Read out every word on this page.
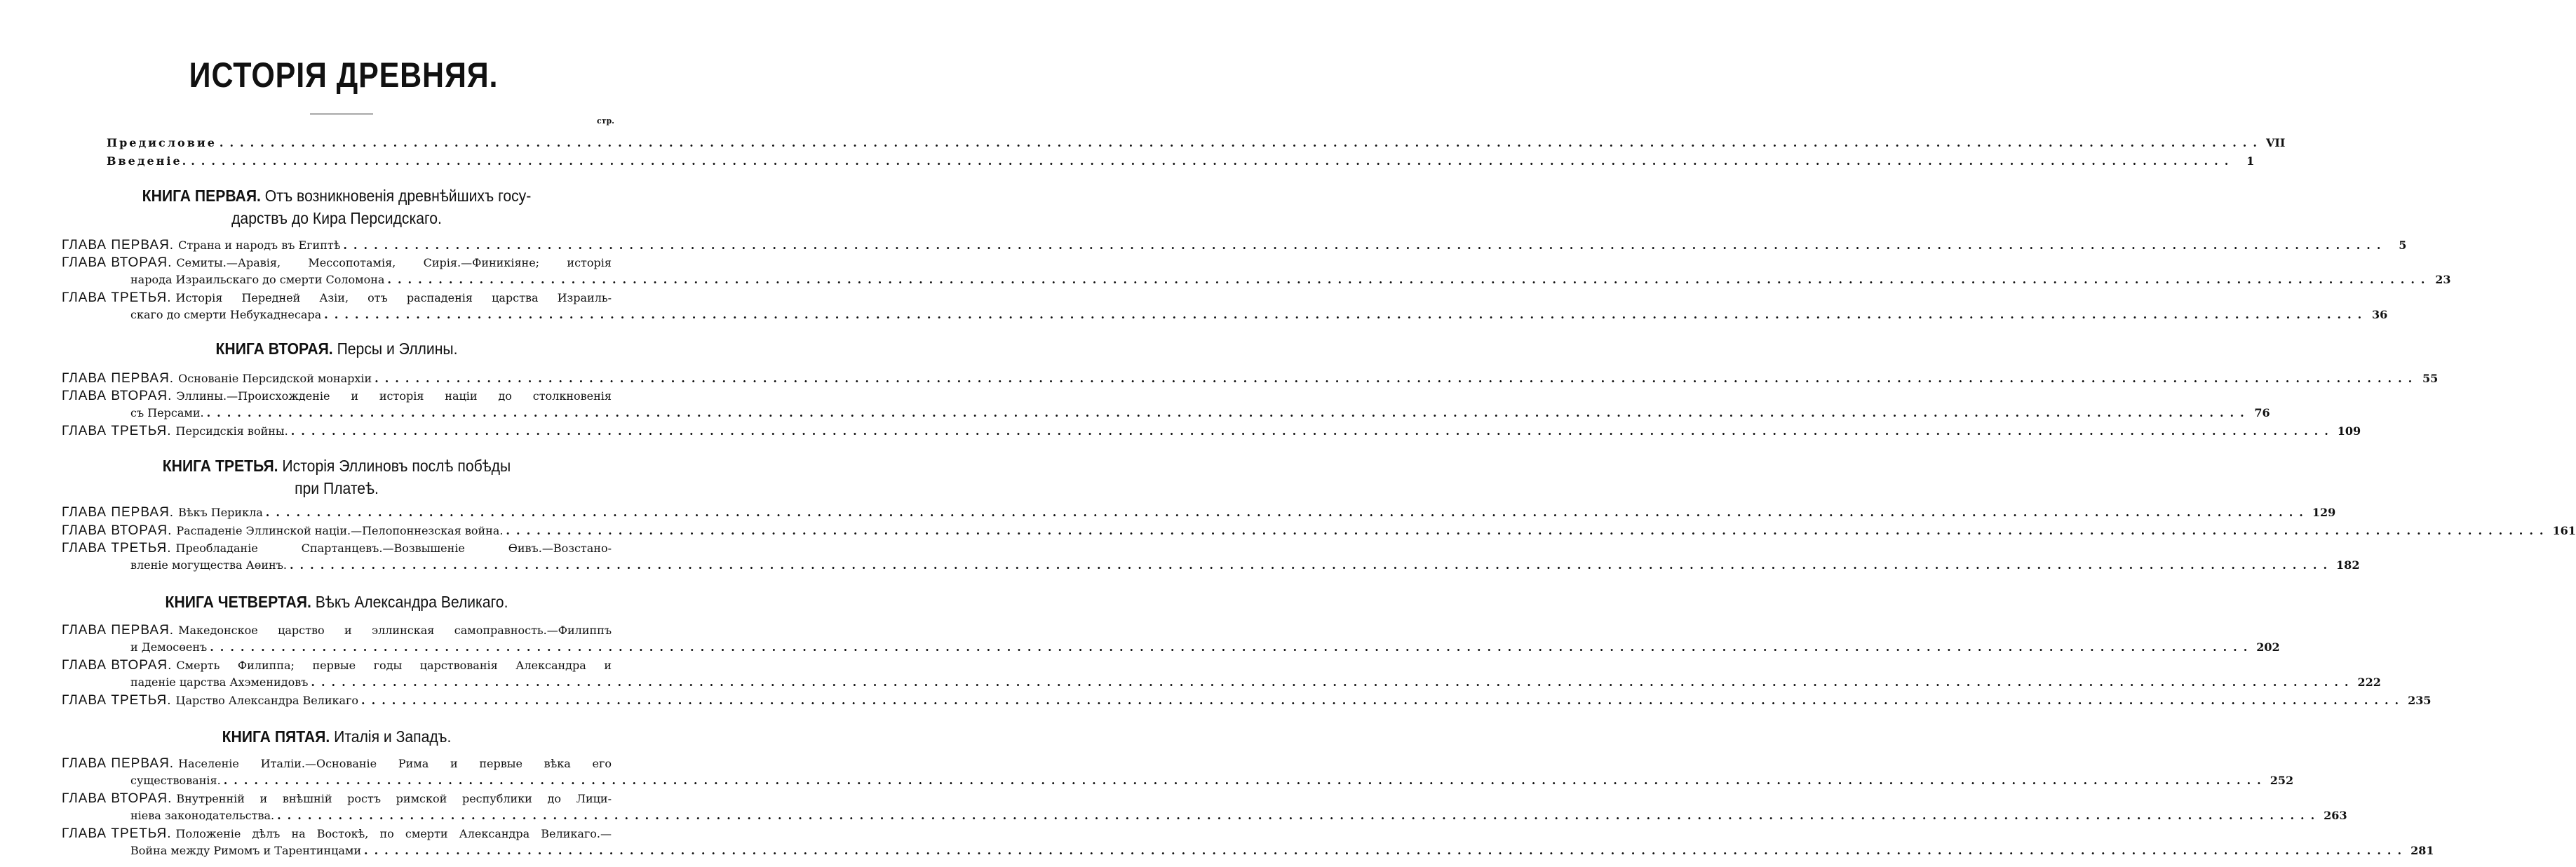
ИСТОРІЯ ДРЕВНЯЯ.
стр.
Предисловие ........................................................................................................................................................................................................ VII
Введеніе. ........................................................................................................................................................................................................	1
КНИГА ПЕРВАЯ. Отъ возникновенія древнѣйшихъ госу-
дарствъ до Кира Персидскаго.
ГЛАВА ПЕРВАЯ. Страна и народъ въ Египтѣ ........................................................................................................................................................................................................	5
ГЛАВА ВТОРАЯ. Семиты.—Аравія, Мессопотамія, Сирія.—Финикіяне; исторія
народа Израильскаго до смерти Соломона ........................................................................................................................................................................................................ 23
ГЛАВА ТРЕТЬЯ. Исторія Передней Азіи, отъ распаденія царства Израиль-
скаго до смерти Небукаднесара ........................................................................................................................................................................................................ 36
КНИГА ВТОРАЯ. Персы и Эллины.
ГЛАВА ПЕРВАЯ. Основаніе Персидской монархіи ........................................................................................................................................................................................................ 55
ГЛАВА ВТОРАЯ. Эллины.—Происхожденіе и исторія націи до столкновенія
съ Персами. ........................................................................................................................................................................................................ 76
ГЛАВА ТРЕТЬЯ. Персидскія войны. ........................................................................................................................................................................................................ 109
КНИГА ТРЕТЬЯ. Исторія Эллиновъ послѣ побѣды
при Платеѣ.
ГЛАВА ПЕРВАЯ. Вѣкъ Перикла ........................................................................................................................................................................................................ 129
ГЛАВА ВТОРАЯ. Распаденіе Эллинской націи.—Пелопоннезская война. ........................................................................................................................................................................................................ 161
ГЛАВА ТРЕТЬЯ. Преобладаніе Спартанцевъ.—Возвышеніе Өивъ.—Возстано-
вленіе могущества Аөинъ. ........................................................................................................................................................................................................ 182
КНИГА ЧЕТВЕРТАЯ. Вѣкъ Александра Великаго.
ГЛАВА ПЕРВАЯ. Македонское царство и эллинская самоправность.—Филиппъ
и Демосөенъ ........................................................................................................................................................................................................ 202
ГЛАВА ВТОРАЯ. Смерть Филиппа; первые годы царствованія Александра и
паденіе царства Ахэменидовъ ........................................................................................................................................................................................................ 222
ГЛАВА ТРЕТЬЯ. Царство Александра Великаго ........................................................................................................................................................................................................ 235
КНИГА ПЯТАЯ. Италія и Западъ.
ГЛАВА ПЕРВАЯ. Населеніе Италіи.—Основаніе Рима и первые вѣка его
существованія. ........................................................................................................................................................................................................ 252
ГЛАВА ВТОРАЯ. Внутренній и внѣшній ростъ римской республики до Лици-
ніева законодательства. ........................................................................................................................................................................................................ 263
ГЛАВА ТРЕТЬЯ. Положеніе дѣлъ на Востокѣ, по смерти Александра Великаго.—
Война между Римомъ и Тарентинцами ........................................................................................................................................................................................................ 281
